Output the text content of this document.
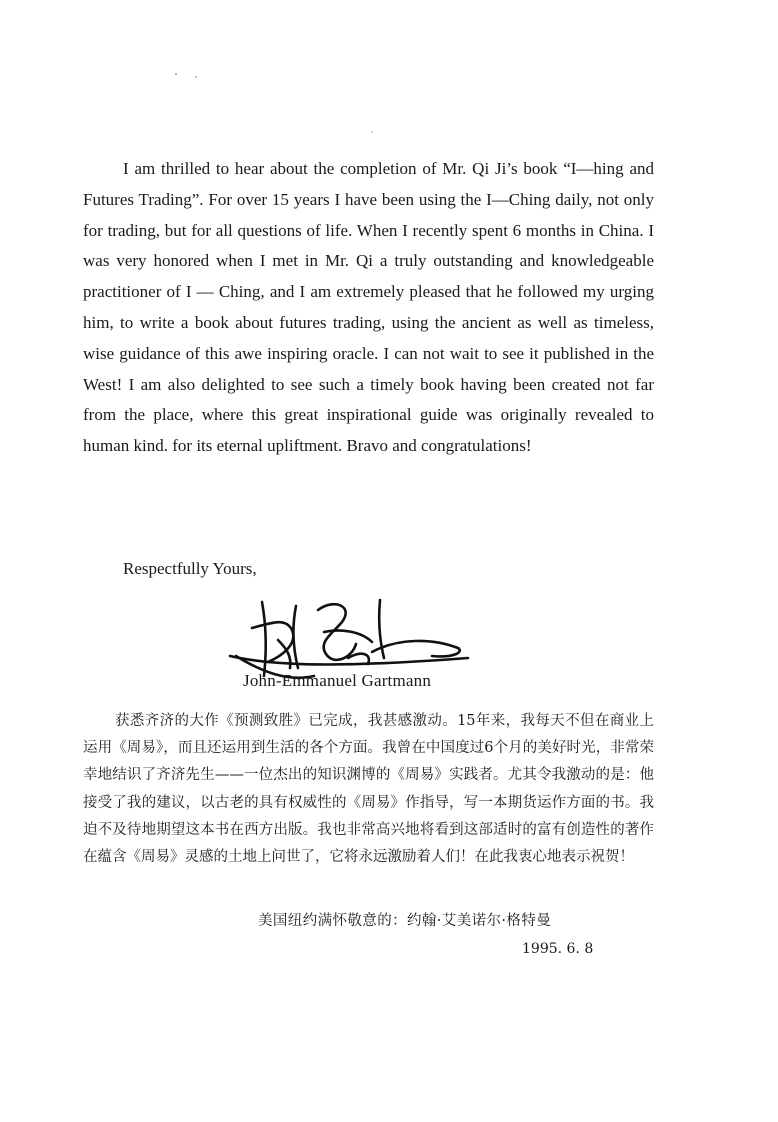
I am thrilled to hear about the completion of Mr. Qi Ji’s book “I—hing and Futures Trading”. For over 15 years I have been using the I—Ching daily, not only for trading, but for all questions of life. When I recently spent 6 months in China. I was very honored when I met in Mr. Qi a truly outstanding and knowledgeable practitioner of I — Ching, and I am extremely pleased that he followed my urging him, to write a book about futures trading, using the ancient as well as timeless, wise guidance of this awe inspiring oracle. I can not wait to see it published in the West! I am also delighted to see such a timely book having been created not far from the place, where this great inspirational guide was originally revealed to human kind. for its eternal upliftment. Bravo and congratulations!

Respectfully Yours,
John-Emmanuel Gartmann

获悉齐济的大作《预测致胜》已完成，我甚感激动。15年来，我每天不但在商业上运用《周易》，而且还运用到生活的各个方面。我曾在中国度过6个月的美好时光，非常荣幸地结识了齐济先生——一位杰出的知识渊博的《周易》实践者。尤其令我激动的是：他接受了我的建议，以古老的具有权威性的《周易》作指导，写一本期货运作方面的书。我迫不及待地期望这本书在西方出版。我也非常高兴地将看到这部适时的富有创造性的著作在蕴含《周易》灵感的土地上问世了，它将永远激励着人们！在此我衷心地表示祝贺！

美国纽约满怀敬意的：约翰·艾美诺尔·格特曼
1995. 6. 8
